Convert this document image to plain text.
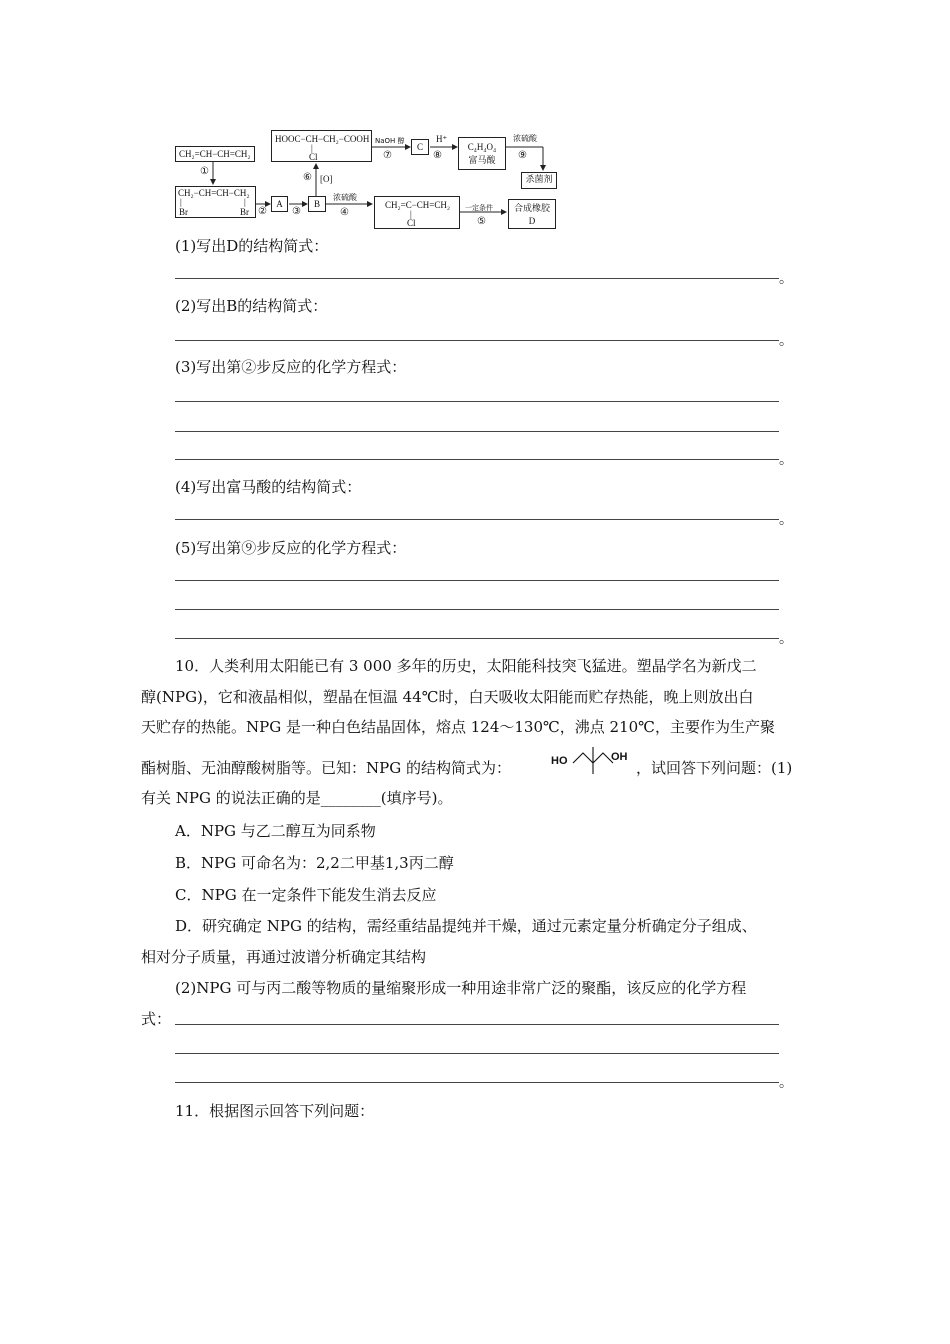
CH₂=CH−CH=CH₂
①
CH₂−CH=CH−CH₂
|	|
Br	Br ②
A
③
B
⑥ [O]
HOOC−CH−CH₂−COOH
|
Cl
NaOH 醇
⑦
C
H⁺
⑧
C₄H₄O₄
富马酸
浓硫酸
⑨
杀菌剂
浓硫酸
④
CH₂=C−CH=CH₂
|
Cl
一定条件
⑤
合成橡胶
D
(1)写出D的结构简式：
。
(2)写出B的结构简式：
。
(3)写出第②步反应的化学方程式：
。
(4)写出富马酸的结构简式：
。
(5)写出第⑨步反应的化学方程式：
。
10．人类利用太阳能已有 3 000 多年的历史，太阳能科技突飞猛进。塑晶学名为新戊二
醇(NPG)，它和液晶相似，塑晶在恒温 44℃时，白天吸收太阳能而贮存热能，晚上则放出白
天贮存的热能。NPG 是一种白色结晶固体，熔点 124～130℃，沸点 210℃，主要作为生产聚
酯树脂、无油醇酸树脂等。已知：NPG 的结构简式为：	HO	OH
，试回答下列问题：(1)
有关 NPG 的说法正确的是________(填序号)。
A．NPG 与乙二醇互为同系物
B．NPG 可命名为：2,2二甲基1,3丙二醇
C．NPG 在一定条件下能发生消去反应
D．研究确定 NPG 的结构，需经重结晶提纯并干燥，通过元素定量分析确定分子组成、
相对分子质量，再通过波谱分析确定其结构
(2)NPG 可与丙二酸等物质的量缩聚形成一种用途非常广泛的聚酯，该反应的化学方程
式：
。
11．根据图示回答下列问题：
